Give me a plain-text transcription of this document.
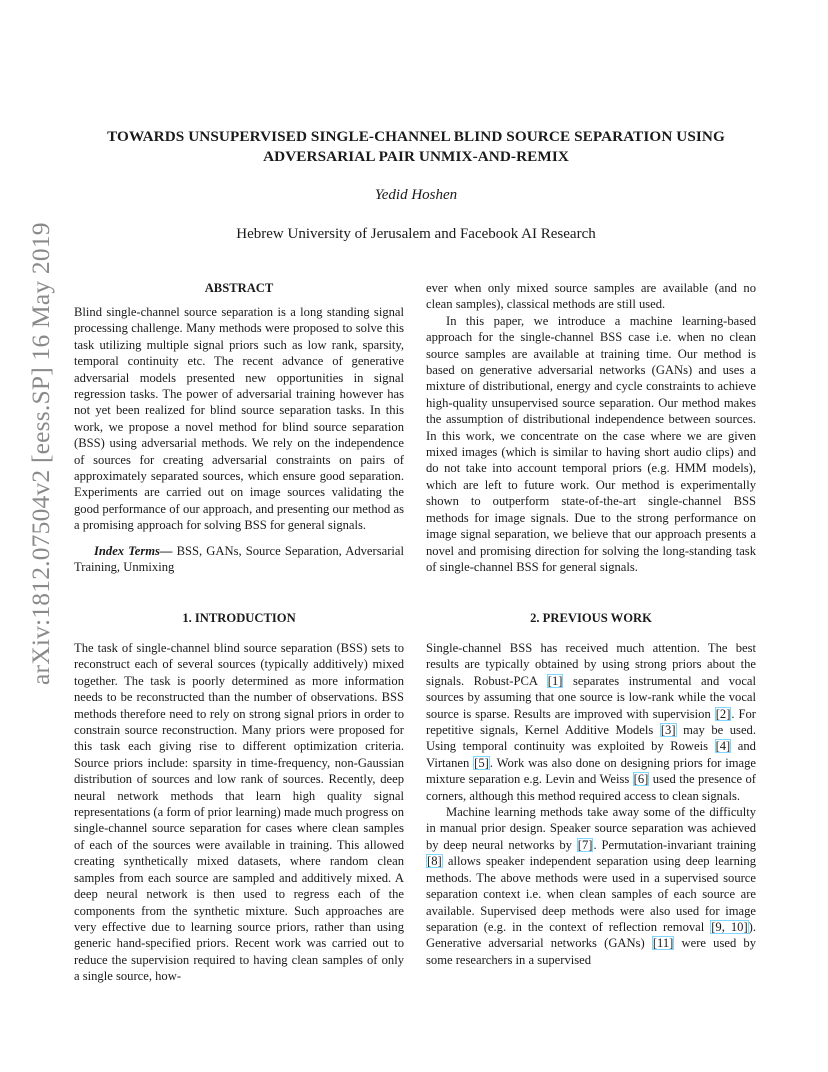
arXiv:1812.07504v2 [eess.SP] 16 May 2019
TOWARDS UNSUPERVISED SINGLE-CHANNEL BLIND SOURCE SEPARATION USING ADVERSARIAL PAIR UNMIX-AND-REMIX
Yedid Hoshen
Hebrew University of Jerusalem and Facebook AI Research
ABSTRACT

Blind single-channel source separation is a long standing signal processing challenge. Many methods were proposed to solve this task utilizing multiple signal priors such as low rank, sparsity, temporal continuity etc. The recent advance of generative adversarial models presented new opportunities in signal regression tasks. The power of adversarial training however has not yet been realized for blind source separation tasks. In this work, we propose a novel method for blind source separation (BSS) using adversarial methods. We rely on the independence of sources for creating adversarial constraints on pairs of approximately separated sources, which ensure good separation. Experiments are carried out on image sources validating the good performance of our approach, and presenting our method as a promising approach for solving BSS for general signals.

Index Terms— BSS, GANs, Source Separation, Adversarial Training, Unmixing

1. INTRODUCTION

The task of single-channel blind source separation (BSS) sets to reconstruct each of several sources (typically additively) mixed together. The task is poorly determined as more information needs to be reconstructed than the number of observations. BSS methods therefore need to rely on strong signal priors in order to constrain source reconstruction. Many priors were proposed for this task each giving rise to different optimization criteria. Source priors include: sparsity in time-frequency, non-Gaussian distribution of sources and low rank of sources. Recently, deep neural network methods that learn high quality signal representations (a form of prior learning) made much progress on single-channel source separation for cases where clean samples of each of the sources were available in training. This allowed creating synthetically mixed datasets, where random clean samples from each source are sampled and additively mixed. A deep neural network is then used to regress each of the components from the synthetic mixture. Such approaches are very effective due to learning source priors, rather than using generic hand-specified priors. Recent work was carried out to reduce the supervision required to having clean samples of only a single source, how-

ever when only mixed source samples are available (and no clean samples), classical methods are still used.

In this paper, we introduce a machine learning-based approach for the single-channel BSS case i.e. when no clean source samples are available at training time. Our method is based on generative adversarial networks (GANs) and uses a mixture of distributional, energy and cycle constraints to achieve high-quality unsupervised source separation. Our method makes the assumption of distributional independence between sources. In this work, we concentrate on the case where we are given mixed images (which is similar to having short audio clips) and do not take into account temporal priors (e.g. HMM models), which are left to future work. Our method is experimentally shown to outperform state-of-the-art single-channel BSS methods for image signals. Due to the strong performance on image signal separation, we believe that our approach presents a novel and promising direction for solving the long-standing task of single-channel BSS for general signals.

2. PREVIOUS WORK

Single-channel BSS has received much attention. The best results are typically obtained by using strong priors about the signals. Robust-PCA [1] separates instrumental and vocal sources by assuming that one source is low-rank while the vocal source is sparse. Results are improved with supervision [2]. For repetitive signals, Kernel Additive Models [3] may be used. Using temporal continuity was exploited by Roweis [4] and Virtanen [5]. Work was also done on designing priors for image mixture separation e.g. Levin and Weiss [6] used the presence of corners, although this method required access to clean signals.

Machine learning methods take away some of the difficulty in manual prior design. Speaker source separation was achieved by deep neural networks by [7]. Permutation-invariant training [8] allows speaker independent separation using deep learning methods. The above methods were used in a supervised source separation context i.e. when clean samples of each source are available. Supervised deep methods were also used for image separation (e.g. in the context of reflection removal [9, 10]). Generative adversarial networks (GANs) [11] were used by some researchers in a supervised
